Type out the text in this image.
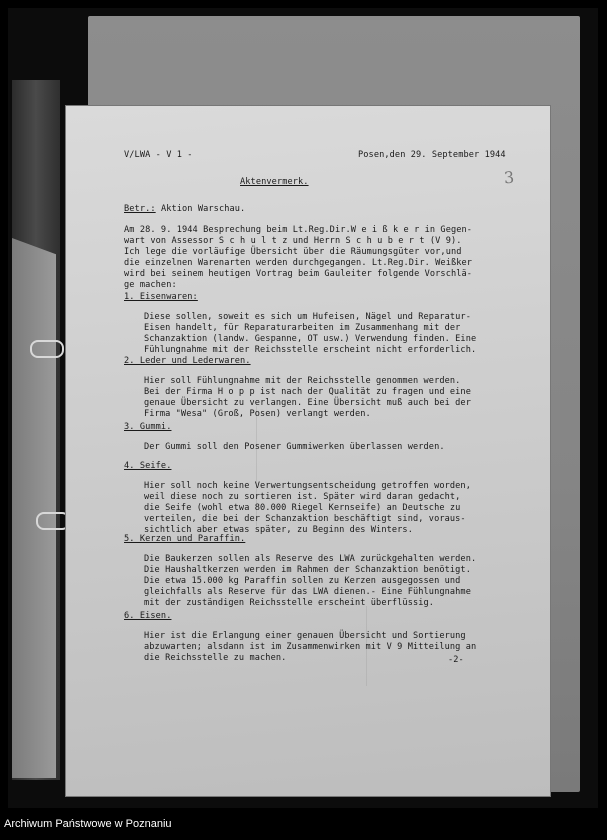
V/LWA - V 1 -	Posen,den 29. September 1944
3
Aktenvermerk.
Betr.: Aktion Warschau.
Am 28. 9. 1944 Besprechung beim Lt.Reg.Dir.W e i ß k e r in Gegen-
wart von Assessor S c h u l t z und Herrn S c h u b e r t (V 9).
Ich lege die vorläufige Übersicht über die Räumungsgüter vor,und
die einzelnen Warenarten werden durchgegangen. Lt.Reg.Dir. Weißker
wird bei seinem heutigen Vortrag beim Gauleiter folgende Vorschlä-
ge machen:
1. Eisenwaren:
Diese sollen, soweit es sich um Hufeisen, Nägel und Reparatur-
Eisen handelt, für Reparaturarbeiten im Zusammenhang mit der
Schanzaktion (landw. Gespanne, OT usw.) Verwendung finden. Eine
Fühlungnahme mit der Reichsstelle erscheint nicht erforderlich.
2. Leder und Lederwaren.
Hier soll Fühlungnahme mit der Reichsstelle genommen werden.
Bei der Firma H o p p ist nach der Qualität zu fragen und eine
genaue Übersicht zu verlangen. Eine Übersicht muß auch bei der
Firma "Wesa" (Groß, Posen) verlangt werden.
3. Gummi.
Der Gummi soll den Posener Gummiwerken überlassen werden.
4. Seife.
Hier soll noch keine Verwertungsentscheidung getroffen worden,
weil diese noch zu sortieren ist. Später wird daran gedacht,
die Seife (wohl etwa 80.000 Riegel Kernseife) an Deutsche zu
verteilen, die bei der Schanzaktion beschäftigt sind, voraus-
sichtlich aber etwas später, zu Beginn des Winters.
5. Kerzen und Paraffin.
Die Baukerzen sollen als Reserve des LWA zurückgehalten werden.
Die Haushaltkerzen werden im Rahmen der Schanzaktion benötigt.
Die etwa 15.000 kg Paraffin sollen zu Kerzen ausgegossen und
gleichfalls als Reserve für das LWA dienen.- Eine Fühlungnahme
mit der zuständigen Reichsstelle erscheint überflüssig.
6. Eisen.
Hier ist die Erlangung einer genauen Übersicht und Sortierung
abzuwarten; alsdann ist im Zusammenwirken mit V 9 Mitteilung an
die Reichsstelle zu machen.	-2-
Archiwum Państwowe w Poznaniu
